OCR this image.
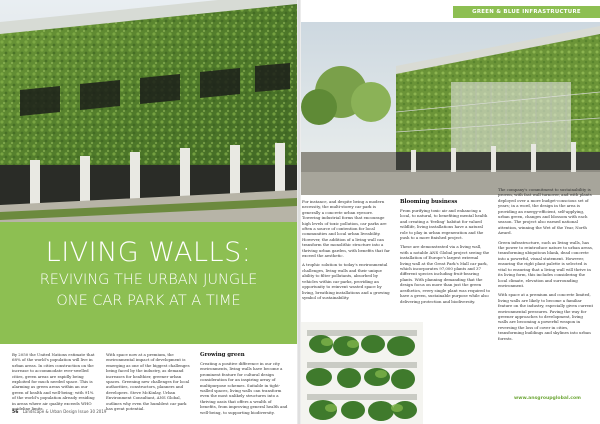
LIVING WALLS:
REVIVING THE URBAN JUNGLE
ONE CAR PARK AT A TIME

By 2050 the United Nations estimate that 68% of the world's population will live in urban areas. In cities construction on the increase to accommodate ever-swelled cities, green areas are rapidly being exploited for much needed space. This is alarming as green areas within an our green of health and well-being; with 91% of the world's population already residing in areas where air quality exceeds WHO guideline limits.

With space now at a premium, the environmental impact of development is emerging as one of the biggest challenges being faced by the industry, as demand increases for healthier, greener urban spaces. Greening new challenges for local authorities, constructors, planners and developers. Steve McKinlay, Urban Environment Consultant, ANS Global, outlines why even the humblest car park has great potential.

Growing green

Creating a positive difference in our city environments, living walls have become a prominent feature for cultural design consideration for an inspiring array of multipurpose schemes. Suitable in tight-walled spaces, living walls can transform even the most unlikely structures into a thriving oasis that offers a wealth of benefits, from improving general health and well-being, to supporting biodiversity.

56 Landscape & Urban Design Issue 30 2019
GREEN & BLUE INFRASTRUCTURE

For instance, and despite being a modern necessity, the multi-storey car park is generally a concrete urban eyesore. Towering industrial forms that encourage high levels of toxic pollution, car parks are often a source of contention for local communities and local urban liveability. However, the addition of a living wall can transform the monolithic structure into a thriving urban garden, with benefits that far exceed the aesthetic.

A trophic solution to today's environmental challenges, living walls and their unique ability to filter pollutants, absorbed by vehicles within car parks, providing an opportunity to reinvent wasted space by living, breathing installations and a growing symbol of sustainability.

Blooming business

From purifying toxic air and enhancing a local, to natural, to benefiting mental health and creating a 'feeling' habitat for valued wildlife, living installations have a natural role to play in urban regeneration and the push to a more finished project.

These are demonstrated via a living wall, with a notable ANS Global project seeing the installation of Europe's largest external living wall at the Great Park's Mall car park, which incorporates 97,000 plants and 37 different species including fruit-bearing plants. With planning demanding that the design focus on more than just the green aesthetics, every single plant was required to have a green, sustainable purpose while also delivering protection and biodiversity.

The company's commitment to sustainability is proven, with fast wall turnover, and with plants deployed over a more budget-conscious set of years; in a word, the design in the area is providing an energy-efficient, self-applying, urban green, changes and blossom with each season. The project also earned national attention, winning the Wet of the Year, North Award.

Green infrastructure, such as living walls, has the power to reintroduce nature to urban areas, transforming ubiquitous blank, dead concrete into a powerful, visual statement. However, ensuring the right plant palette is selected is vital to ensuring that a living wall will thrive in its living form, this includes considering the local climate, elevation and surrounding environment.

With space at a premium and concrete limited, living walls are likely to become a familiar feature on the industry, especially given current environmental pressures. Paving the way for greener approaches to development, living walls are becoming a powerful weapon in reversing the loss of cover in cities, transforming buildings and skylines into urban forests.

www.ansgroupglobal.com
